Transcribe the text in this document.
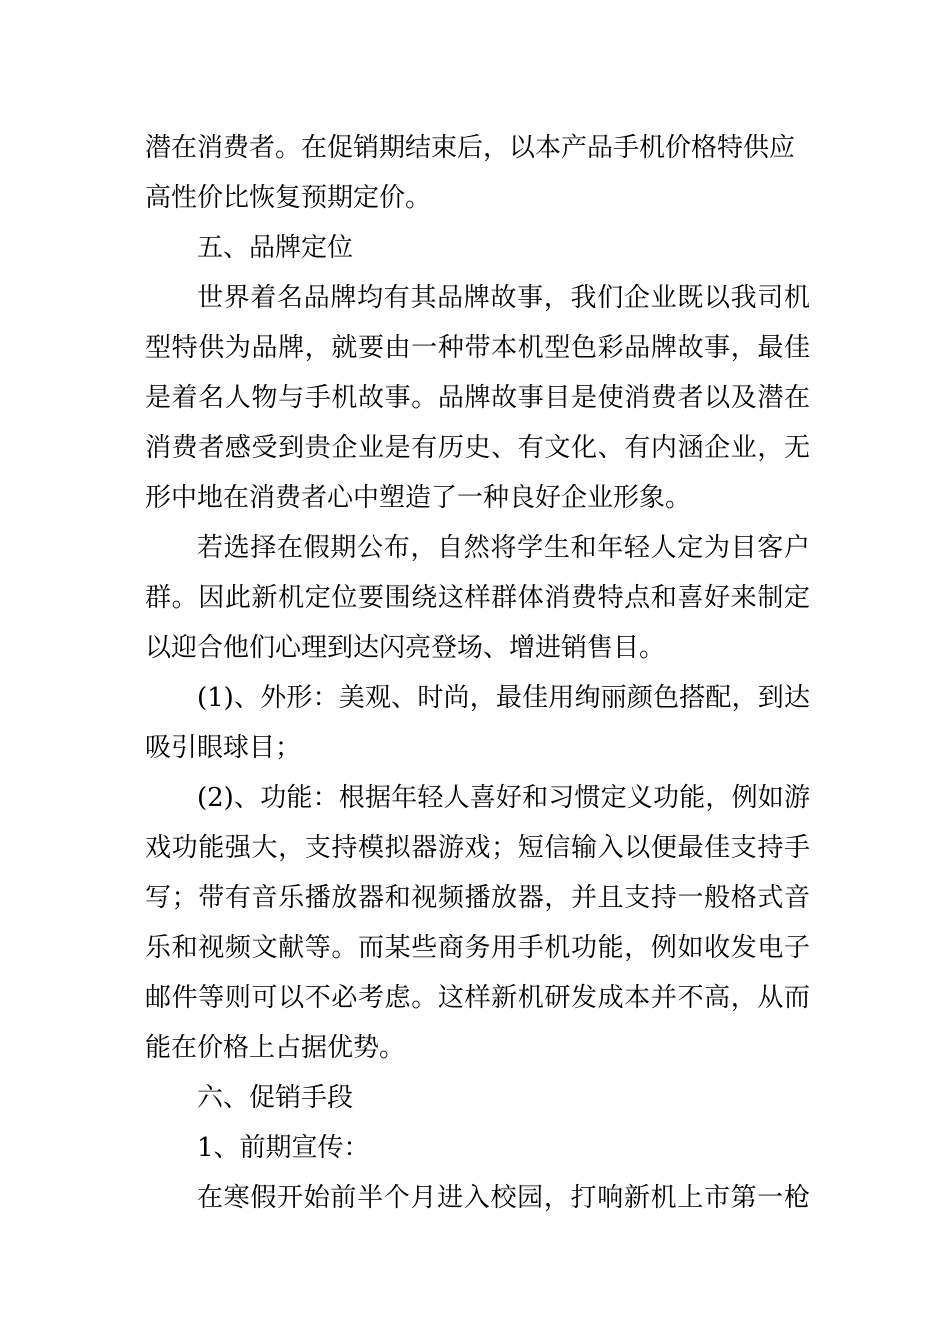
潜在消费者。在促销期结束后，以本产品手机价格特供应
高性价比恢复预期定价。
五、品牌定位
世界着名品牌均有其品牌故事，我们企业既以我司机
型特供为品牌，就要由一种带本机型色彩品牌故事，最佳
是着名人物与手机故事。品牌故事目是使消费者以及潜在
消费者感受到贵企业是有历史、有文化、有内涵企业，无
形中地在消费者心中塑造了一种良好企业形象。
若选择在假期公布，自然将学生和年轻人定为目客户
群。因此新机定位要围绕这样群体消费特点和喜好来制定
以迎合他们心理到达闪亮登场、增进销售目。
(1)、外形：美观、时尚，最佳用绚丽颜色搭配，到达
吸引眼球目；
(2)、功能：根据年轻人喜好和习惯定义功能，例如游
戏功能强大，支持模拟器游戏；短信输入以便最佳支持手
写；带有音乐播放器和视频播放器，并且支持一般格式音
乐和视频文献等。而某些商务用手机功能，例如收发电子
邮件等则可以不必考虑。这样新机研发成本并不高，从而
能在价格上占据优势。
六、促销手段
1、前期宣传：
在寒假开始前半个月进入校园，打响新机上市第一枪
